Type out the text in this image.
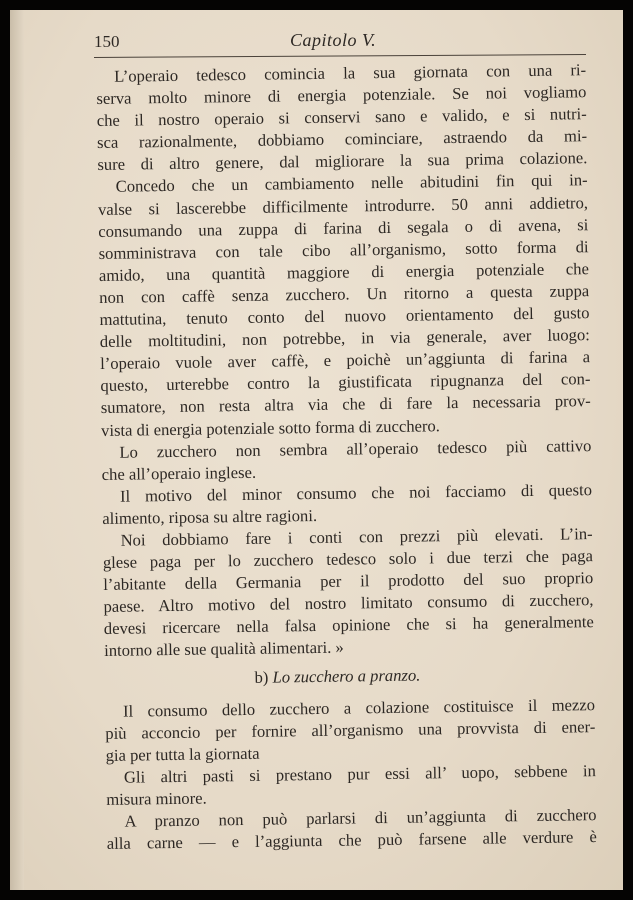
150	Capitolo V.
L’operaio tedesco comincia la sua giornata con una ri-
serva molto minore di energia potenziale. Se noi vogliamo
che il nostro operaio si conservi sano e valido, e si nutri-
sca razionalmente, dobbiamo cominciare, astraendo da mi-
sure di altro genere, dal migliorare la sua prima colazione.
Concedo che un cambiamento nelle abitudini fin qui in-
valse si lascerebbe difficilmente introdurre. 50 anni addietro,
consumando una zuppa di farina di segala o di avena, si
somministrava con tale cibo all’organismo, sotto forma di
amido, una quantità maggiore di energia potenziale che
non con caffè senza zucchero. Un ritorno a questa zuppa
mattutina, tenuto conto del nuovo orientamento del gusto
delle moltitudini, non potrebbe, in via generale, aver luogo:
l’operaio vuole aver caffè, e poichè un’aggiunta di farina a
questo, urterebbe contro la giustificata ripugnanza del con-
sumatore, non resta altra via che di fare la necessaria prov-
vista di energia potenziale sotto forma di zucchero.
Lo zucchero non sembra all’operaio tedesco più cattivo
che all’operaio inglese.
Il motivo del minor consumo che noi facciamo di questo
alimento, riposa su altre ragioni.
Noi dobbiamo fare i conti con prezzi più elevati. L’in-
glese paga per lo zucchero tedesco solo i due terzi che paga
l’abitante della Germania per il prodotto del suo proprio
paese. Altro motivo del nostro limitato consumo di zucchero,
devesi ricercare nella falsa opinione che si ha generalmente
intorno alle sue qualità alimentari. »
b) Lo zucchero a pranzo.
Il consumo dello zucchero a colazione costituisce il mezzo
più acconcio per fornire all’organismo una provvista di ener-
gia per tutta la giornata
Gli altri pasti si prestano pur essi all’ uopo, sebbene in
misura minore.
A pranzo non può parlarsi di un’aggiunta di zucchero
alla carne — e l’aggiunta che può farsene alle verdure è
